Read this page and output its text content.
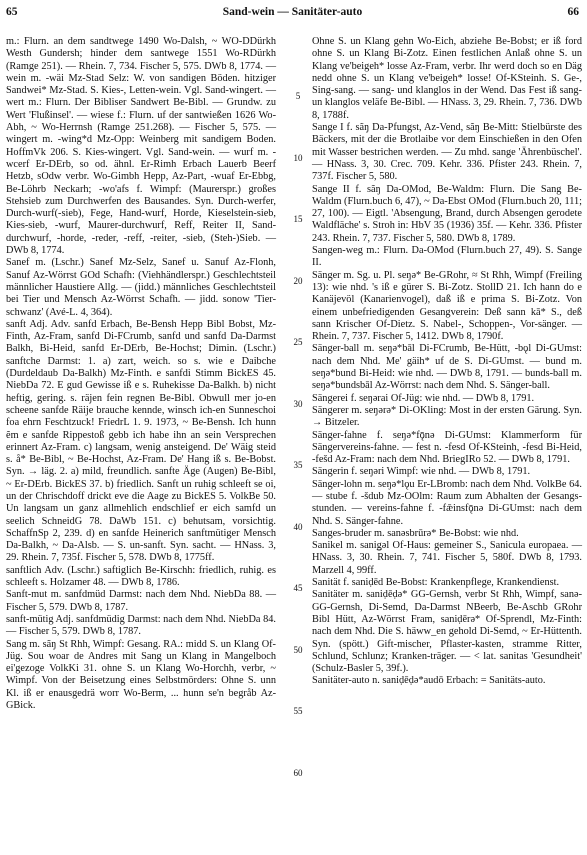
65	Sand-wein — Sanitäter-auto	66

m.: Flurn. an dem sandtwege 1490 Wo-Dalsh, ~ WO-DDürkh Westh Gundersh; hinder dem santwege 1551 Wo-RDürkh (Ramge 251). — Rhein. 7, 734. Fischer 5, 575. DWb 8, 1774. — wein m. -wäi Mz-Stad Selz: W. von sandigen Böden. hitziger Sandwei* Mz-Stad. S. Kies-, Letten-wein. Vgl. Sand-wingert. — wert m.: Flurn. Der Bibliser Sandwert Be-Bibl. — Grundw. zu Wert 'Flußinsel'. — wiese f.: Flurn. uf der santwießen 1626 Wo-Abh, ~ Wo-Herrnsh (Ramge 251.268). — Fischer 5, 575. — wingert m. -wing*d Mz-Opp: Weinberg mit sandigem Boden. HoffmVk 206. S. Kies-wingert. Vgl. Sand-wein. — wurf m. -wcerf Er-DErb, so od. ähnl. Er-Rimh Erbach Lauerb Beerf Hetzb, sOdw verbr. Wo-Gimbh Hepp, Az-Part, -wuaf Er-Ebbg, Be-Löhrb Neckarh; -wo'afs f. Wimpf: (Maurerspr.) großes Stehsieb zum Durchwerfen des Bausandes. Syn. Durch-werfer, Durch-wurf(-sieb), Fege, Hand-wurf, Horde, Kieselstein-sieb, Kies-sieb, -wurf, Maurer-durchwurf, Reff, Reiter II, Sand-durchwurf, -horde, -reder, -reff, -reiter, -sieb, (Steh-)Sieb. — DWb 8, 1774.

Sanef m. (Lschr.) Sanef Mz-Selz, Sanef u. Sanuf Az-Flonh, Sanuf Az-Wörrst GOd Schafh: (Viehhändlerspr.) Geschlechtsteil männlicher Haustiere Allg. — (jidd.) männliches Geschlechtsteil bei Tier und Mensch Az-Wörrst Schafh. — jidd. sonow 'Tier-schwanz' (Avé-L. 4, 364).

sanft Adj. Adv. sanfd Erbach, Be-Bensh Hepp Bibl Bobst, Mz-Finth, Az-Fram, sanfd Di-FCrumb, sanfd und sanfd Da-Darmst Balkh, Bi-Heid, sanfd Er-DErb, Be-Hochst; Dimin. (Lschr.) sanftche Darmst: 1. a) zart, weich. so s. wie e Daibche (Durdeldaub Da-Balkh) Mz-Finth. e sanfdi Stimm BickES 45. NiebDa 72. E gud Gewisse iß e s. Ruhekisse Da-Balkh. b) nicht heftig, gering. s. räjen fein regnen Be-Bibl. Obwull mer jo-en scheene sanfde Räije brauche kennde, winsch ich-en Sunneschoi foa ehrn Feschtzuck! FriedrL 1. 9. 1973, ~ Be-Bensh. Ich hunn ẽm e sanfde Rippestoß gebb ich habe ihn an sein Versprechen erinnert Az-Fram. c) langsam, wenig ansteigend. De' Wäig steid s. å* Be-Bibl, ~ Be-Hochst, Az-Fram. De' Hang iß s. Be-Bobst. Syn. → läg. 2. a) mild, freundlich. sanfte Äge (Augen) Be-Bibl, ~ Er-DErb. BickES 37. b) friedlich. Sanft un ruhig schleeft se oi, un der Chrischdoff drickt eve die Aage zu BickES 5. VolkBe 50. Un langsam un ganz allmehlich endschlief er eich samfd un seelich SchneidG 78. DaWb 151. c) behutsam, vorsichtig. SchaffnSp 2, 239. d) en sanfde Heinerich sanftmütiger Mensch Da-Balkh, ~ Da-Alsb. — S. un-sanft. Syn. sacht. — HNass. 3, 29. Rhein. 7, 735f. Fischer 5, 578. DWb 8, 1775ff.

sanftlich Adv. (Lschr.) saftiglich Be-Kirschh: friedlich, ruhig. es schleeft s. Holzamer 48. — DWb 8, 1786.

Sanft-mut m. sanfdmüd Darmst: nach dem Nhd. NiebDa 88. — Fischer 5, 579. DWb 8, 1787.

sanft-mütig Adj. sanfdmüdig Darmst: nach dem Nhd. NiebDa 84. — Fischer 5, 579. DWb 8, 1787.

Sang m. sãŋ St Rhh, Wimpf: Gesang. RA.: midd S. un Klang Of-Jüg. Sou woar de Andres mit Sang un Klang in Mangelboch ei'gezoge VolkKi 31. ohne S. un Klang Wo-Horchh, verbr, ~ Wimpf. Von der Beisetzung eines Selbstmörders: Ohne S. unn Kl. iß er enausgedrä worr Wo-Berm, ... hunn se'n begråb Az-GBick.

5
10
15
20
25
30
35
40
45
50
55
60

Ohne S. un Klang gehn Wo-Eich, abziehe Be-Bobst; er iß ford ohne S. un Klang Bi-Zotz. Einen festlichen Anlaß ohne S. un Klang ve'beigeh* losse Az-Fram, verbr. Ihr werd doch so en Däg nedd ohne S. un Klang ve'beigeh* losse! Of-KSteinh. S. Ge-, Sing-sang. — sang- und klanglos in der Wend. Das Fest iß sang- un klanglos veläfe Be-Bibl. — HNass. 3, 29. Rhein. 7, 736. DWb 8, 1788f.

Sange I f. sãŋ Da-Pfungst, Az-Vend, sãŋ Be-Mitt: Stielbürste des Bäckers, mit der die Brotlaibe vor dem Einschießen in den Ofen mit Wasser bestrichen werden. — Zu mhd. sange 'Ährenbüschel'. — HNass. 3, 30. Crec. 709. Kehr. 336. Pfister 243. Rhein. 7, 737f. Fischer 5, 580.

Sange II f. sãŋ Da-OMod, Be-Waldm: Flurn. Die Sang Be-Waldm (Flurn.buch 6, 47), ~ Da-Ebst OMod (Flurn.buch 20, 111; 27, 100). — Eigtl. 'Absengung, Brand, durch Absengen gerodete Waldfläche' s. Stroh in: HbV 35 (1936) 35f. — Kehr. 336. Pfister 243. Rhein. 7, 737. Fischer 5, 580. DWb 8, 1789.

Sangen-weg m.: Flurn. Da-OMod (Flurn.buch 27, 49). S. Sange II.

Sänger m. Sg. u. Pl. seŋə* Be-GRohr, ≈ St Rhh, Wimpf (Freiling 13): wie nhd. 's iß e gürer S. Bi-Zotz. StollD 21. Ich hann do e Kanäjevöl (Kanarienvogel), daß iß e prima S. Bi-Zotz. Von einem unbefriedigenden Gesangverein: Deß sann kā* S., deß sann Krischer Of-Dietz. S. Nabel-, Schoppen-, Vor-sänger. — Rhein. 7, 737. Fischer 5, 1412. DWb 8, 1790f.

Sänger-ball m. seŋə*bāl Di-FCrumb, Be-Hütt, -bǫl Di-GUmst: nach dem Nhd. Me' gäih* uf de S. Di-GUmst. — bund m. seŋə*bund Bi-Heid: wie nhd. — DWb 8, 1791. — bunds-ball m. seŋə*bundsbāl Az-Wörrst: nach dem Nhd. S. Sänger-ball.

Sängerei f. seŋərai Of-Jüg: wie nhd. — DWb 8, 1791.

Sängerer m. seŋərə* Di-OKling: Most in der ersten Gärung. Syn. → Bitzeler.

Sänger-fahne f. seŋə*fǭnə Di-GUmst: Klammerform für Sängervereins-fahne. — fest n. -fesd Of-KSteinh, -fesd Bi-Heid, -fešd Az-Fram: nach dem Nhd. BriegIRo 52. — DWb 8, 1791.

Sängerin f. seŋəri Wimpf: wie nhd. — DWb 8, 1791.

Sänger-lohn m. seŋə*lǫu Er-LBromb: nach dem Nhd. VolkBe 64. — stube f. -šdub Mz-OOlm: Raum zum Abhalten der Gesangs-stunden. — vereins-fahne f. -fǣinsfǭnə Di-GUmst: nach dem Nhd. S. Sänger-fahne.

Sanges-bruder m. sanəsbrūrə* Be-Bobst: wie nhd.

Sanikel m. saniǥəl Of-Haus: gemeiner S., Sanicula europaea. — HNass. 3, 30. Rhein. 7, 741. Fischer 5, 580f. DWb 8, 1793. Marzell 4, 99ff.

Sanität f. saniḍēd Be-Bobst: Krankenpflege, Krankendienst.

Sanitäter m. saniḍēḍə* GG-Gernsh, verbr St Rhh, Wimpf, sanə- GG-Gernsh, Di-Semd, Da-Darmst NBeerb, Be-Aschb GRohr Bibl Hütt, Az-Wörrst Fram, saniḍērə* Of-Sprendl, Mz-Finth: nach dem Nhd. Die S. häww_en gehold Di-Semd, ~ Er-Hüttenth. Syn. (spött.) Gift-mischer, Pflaster-kasten, stramme Ritter, Schlund, Schlunz; Kranken-träger. — < lat. sanitas 'Gesundheit' (Schulz-Basler 5, 39f.).

Sanitäter-auto n. saniḍēḍə*audō Erbach: = Sanitäts-auto.
